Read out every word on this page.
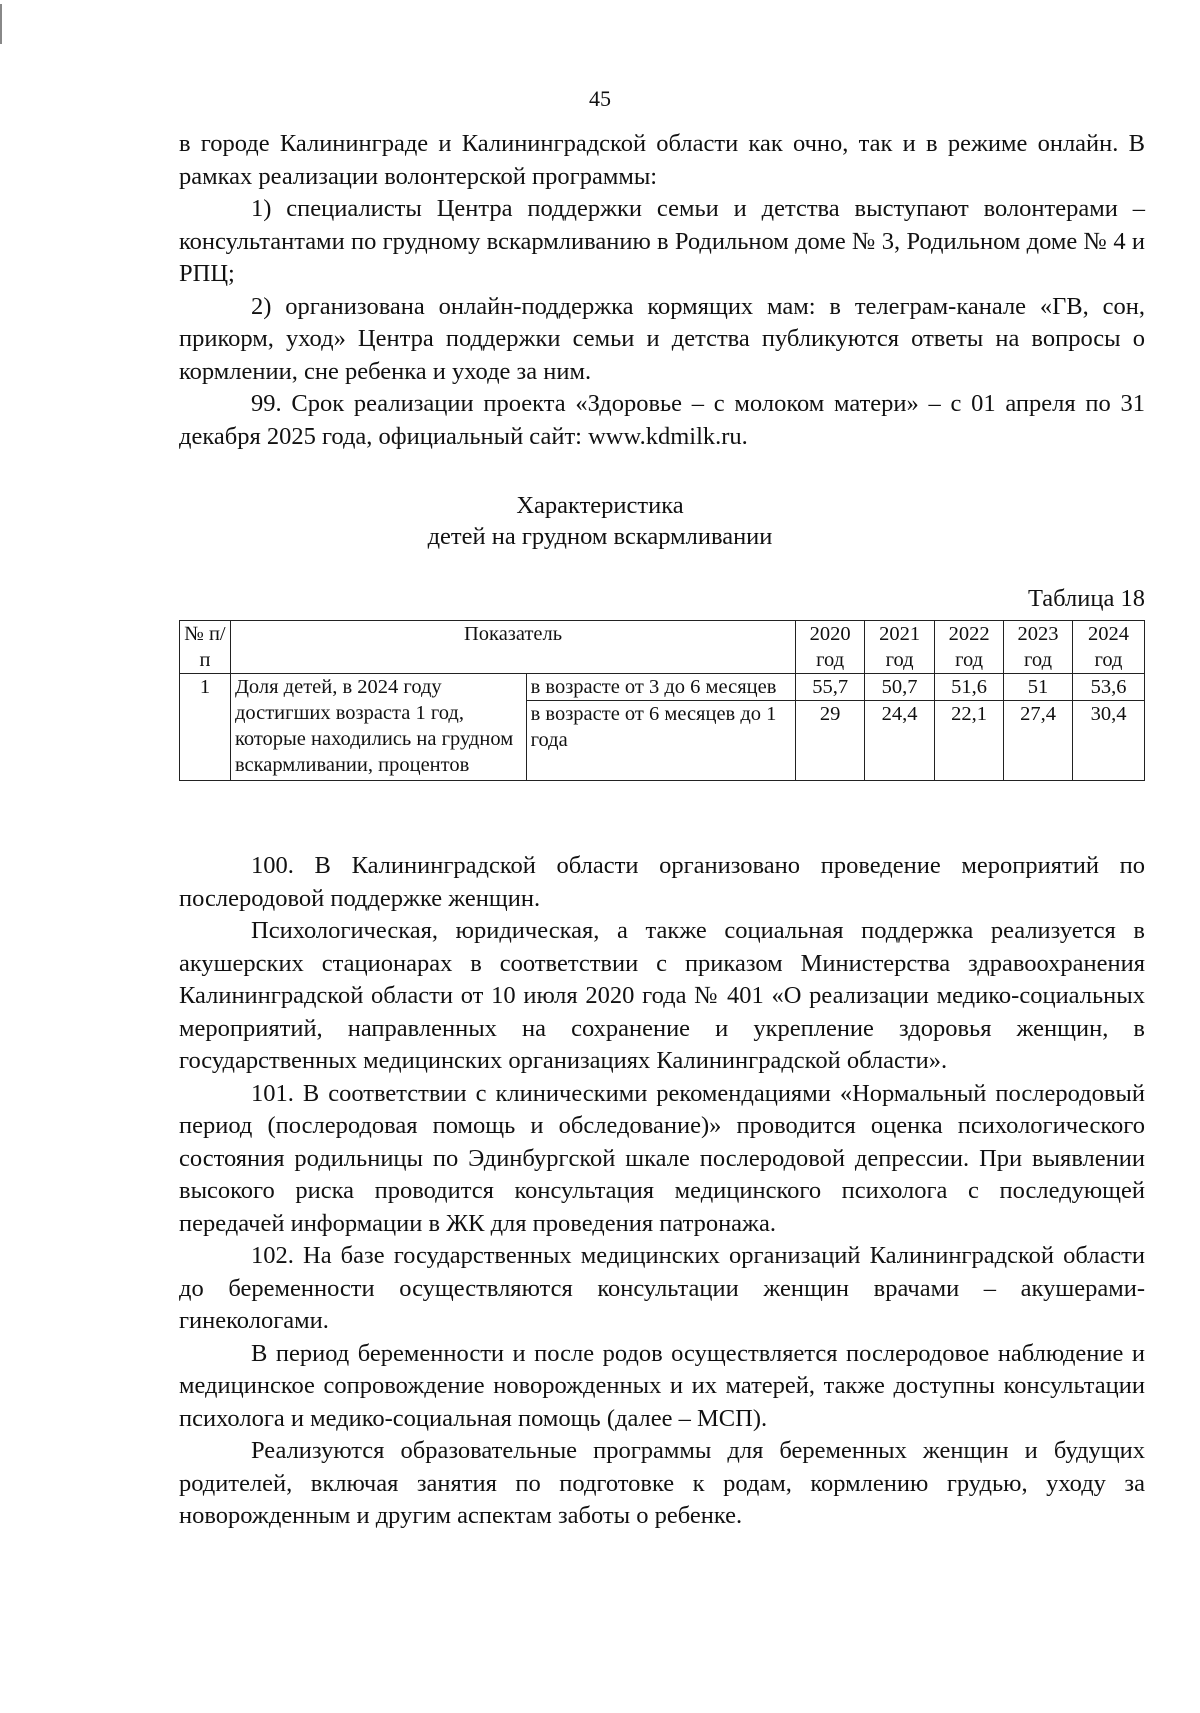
45

в городе Калининграде и Калининградской области как очно, так и в режиме онлайн. В рамках реализации волонтерской программы:

1) специалисты Центра поддержки семьи и детства выступают волонтерами – консультантами по грудному вскармливанию в Родильном доме № 3, Родильном доме № 4 и РПЦ;

2) организована онлайн-поддержка кормящих мам: в телеграм-канале «ГВ, сон, прикорм, уход» Центра поддержки семьи и детства публикуются ответы на вопросы о кормлении, сне ребенка и уходе за ним.

99. Срок реализации проекта «Здоровье – с молоком матери» – с 01 апреля по 31 декабря 2025 года, официальный сайт: www.kdmilk.ru.

Характеристика
детей на грудном вскармливании
Таблица 18
№ п/п	Показатель		2020 год	2021 год	2022 год	2023 год	2024 год
1	Доля детей, в 2024 году достигших возраста 1 год, которые находились на грудном вскармливании, процентов	в возрасте от 3 до 6 месяцев	55,7	50,7	51,6	51	53,6
		в возрасте от 6 месяцев до 1 года	29	24,4	22,1	27,4	30,4

100. В Калининградской области организовано проведение мероприятий по послеродовой поддержке женщин.

Психологическая, юридическая, а также социальная поддержка реализуется в акушерских стационарах в соответствии с приказом Министерства здравоохранения Калининградской области от 10 июля 2020 года № 401 «О реализации медико-социальных мероприятий, направленных на сохранение и укрепление здоровья женщин, в государственных медицинских организациях Калининградской области».

101. В соответствии с клиническими рекомендациями «Нормальный послеродовый период (послеродовая помощь и обследование)» проводится оценка психологического состояния родильницы по Эдинбургской шкале послеродовой депрессии. При выявлении высокого риска проводится консультация медицинского психолога с последующей передачей информации в ЖК для проведения патронажа.

102. На базе государственных медицинских организаций Калининградской области до беременности осуществляются консультации женщин врачами – акушерами-гинекологами.

В период беременности и после родов осуществляется послеродовое наблюдение и медицинское сопровождение новорожденных и их матерей, также доступны консультации психолога и медико-социальная помощь (далее – МСП).

Реализуются образовательные программы для беременных женщин и будущих родителей, включая занятия по подготовке к родам, кормлению грудью, уходу за новорожденным и другим аспектам заботы о ребенке.
